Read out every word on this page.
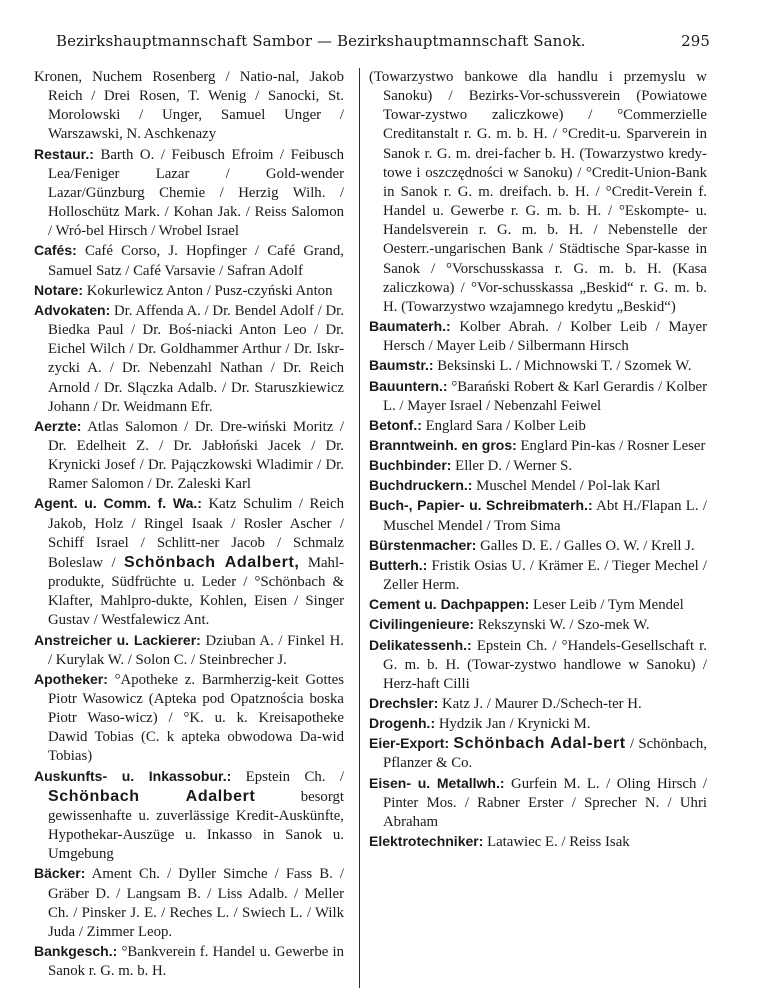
Bezirkshauptmannschaft Sambor — Bezirkshauptmannschaft Sanok.	295
Kronen, Nuchem Rosenberg / Natio-nal, Jakob Reich / Drei Rosen, T. Wenig / Sanocki, St. Morolowski / Unger, Samuel Unger / Warszawski, N. Aschkenazy
Restaur.: Barth O. / Feibusch Efroim / Feibusch Lea/Feniger Lazar / Gold-wender Lazar/Günzburg Chemie / Herzig Wilh. / Holloschütz Mark. / Kohan Jak. / Reiss Salomon / Wró-bel Hirsch / Wrobel Israel
Cafés: Café Corso, J. Hopfinger / Café Grand, Samuel Satz / Café Varsavie / Safran Adolf
Notare: Kokurlewicz Anton / Pusz-czyński Anton
Advokaten: Dr. Affenda A. / Dr. Bendel Adolf / Dr. Biedka Paul / Dr. Boś-niacki Anton Leo / Dr. Eichel Wilch / Dr. Goldhammer Arthur / Dr. Iskr-zycki A. / Dr. Nebenzahl Nathan / Dr. Reich Arnold / Dr. Slączka Adalb. / Dr. Staruszkiewicz Johann / Dr. Weidmann Efr.
Aerzte: Atlas Salomon / Dr. Dre-wiński Moritz / Dr. Edelheit Z. / Dr. Jabłoński Jacek / Dr. Krynicki Josef / Dr. Pajączkowski Wladimir / Dr. Ramer Salomon / Dr. Zaleski Karl
Agent. u. Comm. f. Wa.: Katz Schulim / Reich Jakob, Holz / Ringel Isaak / Rosler Ascher / Schiff Israel / Schlitt-ner Jacob / Schmalz Boleslaw / Schönbach Adalbert, Mahl-produkte, Südfrüchte u. Leder / °Schönbach & Klafter, Mahlpro-dukte, Kohlen, Eisen / Singer Gustav / Westfalewicz Ant.
Anstreicher u. Lackierer: Dziuban A. / Finkel H. / Kurylak W. / Solon C. / Steinbrecher J.
Apotheker: °Apotheke z. Barmherzig-keit Gottes Piotr Wasowicz (Apteka pod Opatznościa boska Piotr Waso-wicz) / °K. u. k. Kreisapotheke Dawid Tobias (C. k apteka obwodowa Da-wid Tobias)
Auskunfts- u. Inkassobur.: Epstein Ch. / Schönbach Adalbert	besorgt gewissenhafte u. zuverlässige Kredit-Auskünfte, Hypothekar-Auszüge u. Inkasso in Sanok u. Umgebung
Bäcker: Ament Ch. / Dyller Simche / Fass B. / Gräber D. / Langsam B. / Liss Adalb. / Meller Ch. / Pinsker J. E. / Reches L. / Swiech L. / Wilk Juda / Zimmer Leop.
Bankgesch.: °Bankverein f. Handel u. Gewerbe in Sanok r. G. m. b. H.
(Towarzystwo bankowe dla handlu i przemyslu w Sanoku) / Bezirks-Vor-schussverein (Powiatowe Towar-zystwo zaliczkowe) / °Commerzielle Creditanstalt r. G. m. b. H. / °Credit-u. Sparverein in Sanok r. G. m. drei-facher b. H. (Towarzystwo kredy-towe i oszczędności w Sanoku) / °Credit-Union-Bank in Sanok r. G. m. dreifach. b. H. / °Credit-Verein f. Handel u. Gewerbe r. G. m. b. H. / °Eskompte- u. Handelsverein r. G. m. b. H. / Nebenstelle der Oesterr.-ungarischen Bank / Städtische Spar-kasse in Sanok / °Vorschusskassa r. G. m. b. H. (Kasa zaliczkowa) / °Vor-schusskassa „Beskid“ r. G. m. b. H. (Towarzystwo wzajamnego kredytu „Beskid“)
Baumaterh.: Kolber Abrah. / Kolber Leib / Mayer Hersch / Mayer Leib / Silbermann Hirsch
Baumstr.: Beksinski L. / Michnowski T. / Szomek W.
Bauuntern.: °Barański Robert & Karl Gerardis / Kolber L. / Mayer Israel / Nebenzahl Feiwel
Betonf.: Englard Sara / Kolber Leib
Branntweinh. en gros: Englard Pin-kas / Rosner Leser
Buchbinder: Eller D. / Werner S.
Buchdruckern.: Muschel Mendel / Pol-lak Karl
Buch-, Papier- u. Schreibmaterh.: Abt H./Flapan L. / Muschel Mendel / Trom Sima
Bürstenmacher: Galles D. E. / Galles O. W. / Krell J.
Butterh.: Fristik Osias U. / Krämer E. / Tieger Mechel / Zeller Herm.
Cement u. Dachpappen: Leser Leib / Tym Mendel
Civilingenieure: Rekszynski W. / Szo-mek W.
Delikatessenh.: Epstein Ch. / °Handels-Gesellschaft r. G. m. b. H. (Towar-zystwo handlowe w Sanoku) / Herz-haft Cilli
Drechsler: Katz J. / Maurer D./Schech-ter H.
Drogenh.: Hydzik Jan / Krynicki M.
Eier-Export: Schönbach Adal-bert / Schönbach, Pflanzer & Co.
Eisen- u. Metallwh.: Gurfein M. L. / Oling Hirsch / Pinter Mos. / Rabner Erster / Sprecher N. / Uhri Abraham
Elektrotechniker: Latawiec E. / Reiss Isak
